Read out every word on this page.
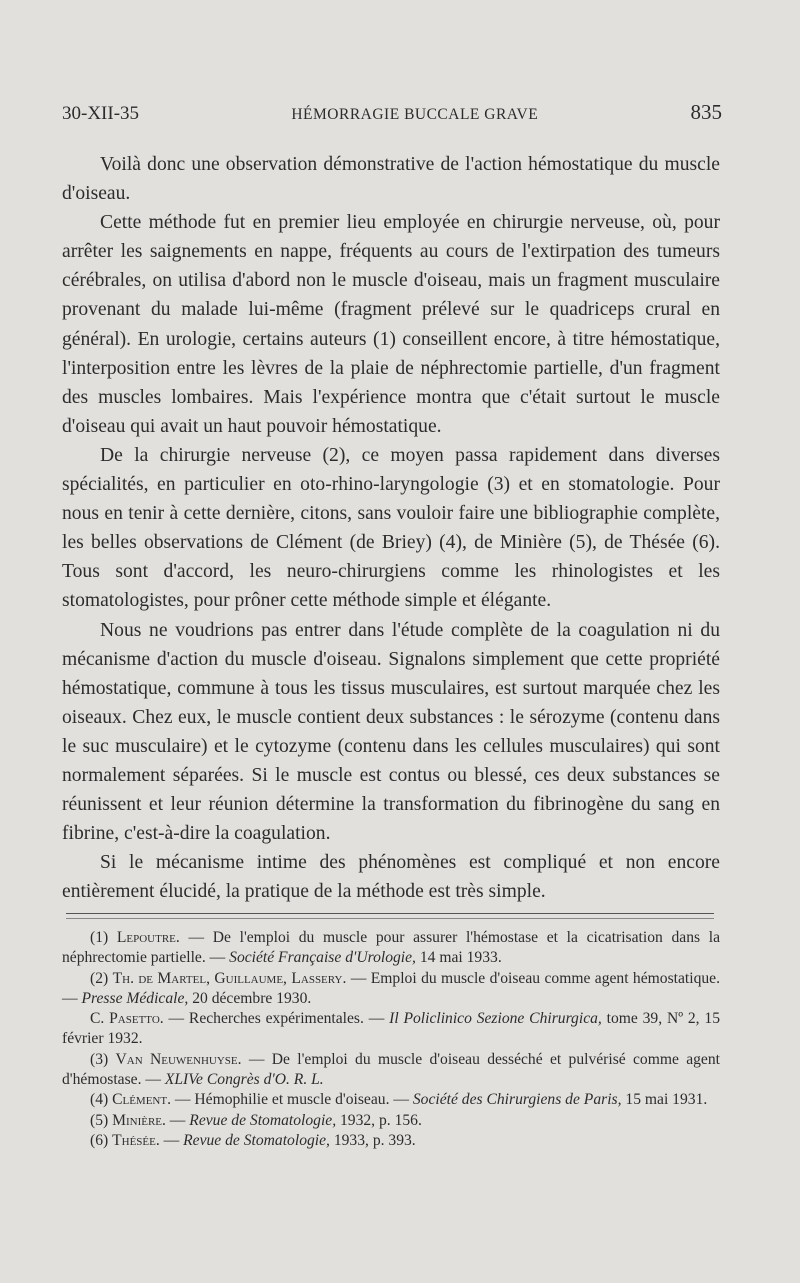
30-XII-35	HÉMORRAGIE BUCCALE GRAVE	835

Voilà donc une observation démonstrative de l'action hémostatique du muscle d'oiseau.

Cette méthode fut en premier lieu employée en chirurgie nerveuse, où, pour arrêter les saignements en nappe, fréquents au cours de l'extirpation des tumeurs cérébrales, on utilisa d'abord non le muscle d'oiseau, mais un fragment musculaire provenant du malade lui-même (fragment prélevé sur le quadriceps crural en général). En urologie, certains auteurs (1) conseillent encore, à titre hémostatique, l'interposition entre les lèvres de la plaie de néphrectomie partielle, d'un fragment des muscles lombaires. Mais l'expérience montra que c'était surtout le muscle d'oiseau qui avait un haut pouvoir hémostatique.

De la chirurgie nerveuse (2), ce moyen passa rapidement dans diverses spécialités, en particulier en oto-rhino-laryngologie (3) et en stomatologie. Pour nous en tenir à cette dernière, citons, sans vouloir faire une bibliographie complète, les belles observations de Clément (de Briey) (4), de Minière (5), de Thésée (6). Tous sont d'accord, les neuro-chirurgiens comme les rhinologistes et les stomatologistes, pour prôner cette méthode simple et élégante.

Nous ne voudrions pas entrer dans l'étude complète de la coagulation ni du mécanisme d'action du muscle d'oiseau. Signalons simplement que cette propriété hémostatique, commune à tous les tissus musculaires, est surtout marquée chez les oiseaux. Chez eux, le muscle contient deux substances : le sérozyme (contenu dans le suc musculaire) et le cytozyme (contenu dans les cellules musculaires) qui sont normalement séparées. Si le muscle est contus ou blessé, ces deux substances se réunissent et leur réunion détermine la transformation du fibrinogène du sang en fibrine, c'est-à-dire la coagulation.

Si le mécanisme intime des phénomènes est compliqué et non encore entièrement élucidé, la pratique de la méthode est très simple.

(1) Lepoutre. — De l'emploi du muscle pour assurer l'hémostase et la cicatrisation dans la néphrectomie partielle. — Société Française d'Urologie, 14 mai 1933.

(2) Th. de Martel, Guillaume, Lassery. — Emploi du muscle d'oiseau comme agent hémostatique. — Presse Médicale, 20 décembre 1930.

C. Pasetto. — Recherches expérimentales. — Il Policlinico Sezione Chirurgica, tome 39, Nº 2, 15 février 1932.

(3) Van Neuwenhuyse. — De l'emploi du muscle d'oiseau desséché et pulvérisé comme agent d'hémostase. — XLIVe Congrès d'O. R. L.

(4) Clément. — Hémophilie et muscle d'oiseau. — Société des Chirurgiens de Paris, 15 mai 1931.

(5) Minière. — Revue de Stomatologie, 1932, p. 156.

(6) Thésée. — Revue de Stomatologie, 1933, p. 393.
